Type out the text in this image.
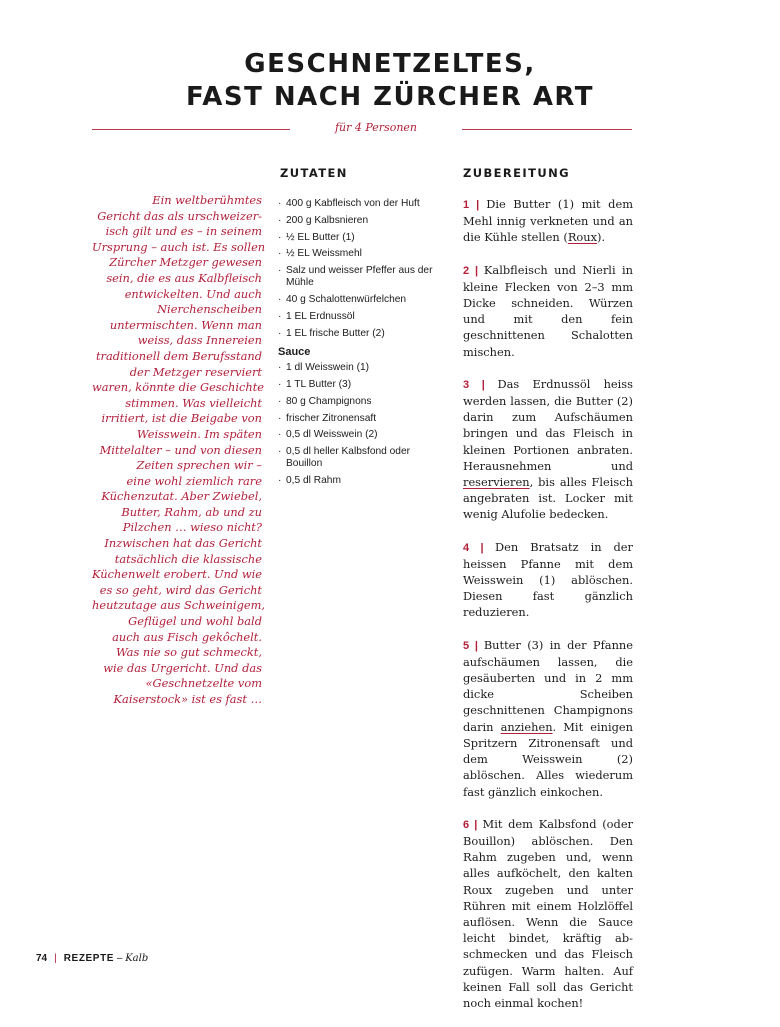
GESCHNETZELTES,
FAST NACH ZÜRCHER ART
für 4 Personen
Ein weltberühmtes
Gericht das als urschweizer-
isch gilt und es – in seinem
Ursprung – auch ist. Es sollen
Zürcher Metzger gewesen
sein, die es aus Kalbfleisch
entwickelten. Und auch
Nierchenscheiben
untermischten. Wenn man
weiss, dass Innereien
traditionell dem Berufsstand
der Metzger reserviert
waren, könnte die Geschichte
stimmen. Was vielleicht
irritiert, ist die Beigabe von
Weisswein. Im späten
Mittelalter – und von diesen
Zeiten sprechen wir –
eine wohl ziemlich rare
Küchenzutat. Aber Zwiebel,
Butter, Rahm, ab und zu
Pilzchen … wieso nicht?
Inzwischen hat das Gericht
tatsächlich die klassische
Küchenwelt erobert. Und wie
es so geht, wird das Gericht
heutzutage aus Schweinigem,
Geflügel und wohl bald
auch aus Fisch gekôchelt.
Was nie so gut schmeckt,
wie das Urgericht. Und das
«Geschnetzelte vom
Kaiserstock» ist es fast …
ZUTATEN
· 400 g Kabfleisch von der Huft
· 200 g Kalbsnieren
· ½ EL Butter (1)
· ½ EL Weissmehl
· Salz und weisser Pfeffer aus der Mühle
· 40 g Schalottenwürfelchen
· 1 EL Erdnussöl
· 1 EL frische Butter (2)
Sauce
· 1 dl Weisswein (1)
· 1 TL Butter (3)
· 80 g Champignons
· frischer Zitronensaft
· 0,5 dl Weisswein (2)
· 0,5 dl heller Kalbsfond oder Bouillon
· 0,5 dl Rahm
ZUBEREITUNG

1 | Die Butter (1) mit dem Mehl innig verkneten und an die Kühle stellen (Roux).

2 | Kalbfleisch und Nierli in kleine Flecken von 2–3 mm Dicke schneiden. Würzen und mit den fein geschnittenen Schalotten mischen.

3 | Das Erdnussöl heiss werden lassen, die Butter (2) darin zum Aufschäumen bringen und das Fleisch in kleinen Portionen anbraten. Herausnehmen und reservieren, bis alles Fleisch angebraten ist. Locker mit wenig Alufolie bedecken.

4 | Den Bratsatz in der heissen Pfanne mit dem Weisswein (1) ablöschen. Diesen fast gänzlich reduzieren.

5 | Butter (3) in der Pfanne aufschäumen lassen, die gesäuberten und in 2 mm dicke Scheiben geschnittenen Champignons darin anziehen. Mit einigen Spritzern Zitronensaft und dem Weisswein (2) ablöschen. Alles wiederum fast gänzlich einkochen.

6 | Mit dem Kalbsfond (oder Bouillon) ablöschen. Den Rahm zugeben und, wenn alles aufköchelt, den kalten Roux zugeben und unter Rühren mit einem Holzlöffel auflösen. Wenn die Sauce leicht bindet, kräftig abschmecken und das Fleisch zufügen. Warm halten. Auf keinen Fall soll das Gericht noch einmal kochen!

74 | REZEPTE – Kalb
